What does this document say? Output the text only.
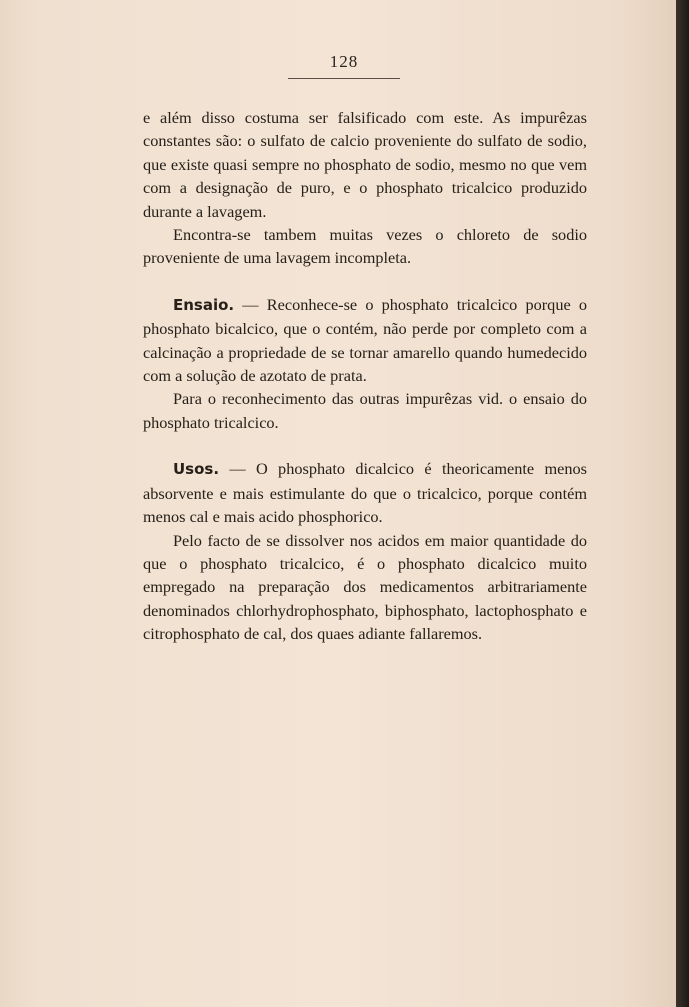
128

e além disso costuma ser falsificado com este. As impurêzas constantes são: o sulfato de calcio proveniente do sulfato de sodio, que existe quasi sempre no phosphato de sodio, mesmo no que vem com a designação de puro, e o phosphato tricalcico produzido durante a lavagem.

Encontra-se tambem muitas vezes o chloreto de sodio proveniente de uma lavagem incompleta.

Ensaio. — Reconhece-se o phosphato tricalcico porque o phosphato bicalcico, que o contém, não perde por completo com a calcinação a propriedade de se tornar amarello quando humedecido com a solução de azotato de prata.

Para o reconhecimento das outras impurêzas vid. o ensaio do phosphato tricalcico.

Usos. — O phosphato dicalcico é theoricamente menos absorvente e mais estimulante do que o tricalcico, porque contém menos cal e mais acido phosphorico.

Pelo facto de se dissolver nos acidos em maior quantidade do que o phosphato tricalcico, é o phosphato dicalcico muito empregado na preparação dos medicamentos arbitrariamente denominados chlorhydrophosphato, biphosphato, lactophosphato e citrophosphato de cal, dos quaes adiante fallaremos.
